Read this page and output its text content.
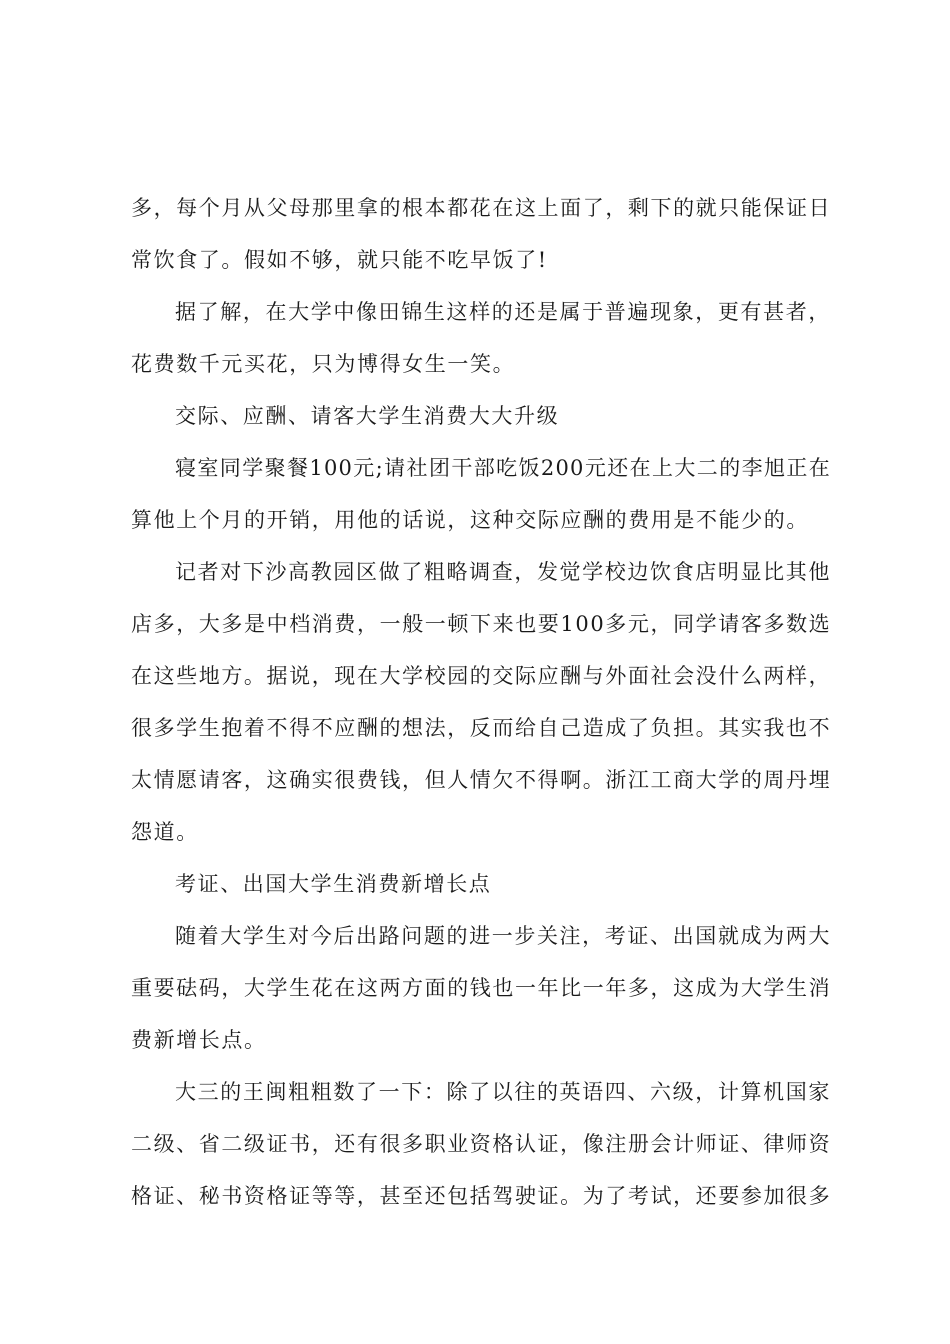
多，每个月从父母那里拿的根本都花在这上面了，剩下的就只能保证日
常饮食了。假如不够，就只能不吃早饭了!

据了解，在大学中像田锦生这样的还是属于普遍现象，更有甚者，
花费数千元买花，只为博得女生一笑。

交际、应酬、请客大学生消费大大升级

寝室同学聚餐100元;请社团干部吃饭200元还在上大二的李旭正在
算他上个月的开销，用他的话说，这种交际应酬的费用是不能少的。

记者对下沙高教园区做了粗略调查，发觉学校边饮食店明显比其他
店多，大多是中档消费，一般一顿下来也要100多元，同学请客多数选
在这些地方。据说，现在大学校园的交际应酬与外面社会没什么两样，
很多学生抱着不得不应酬的想法，反而给自己造成了负担。其实我也不
太情愿请客，这确实很费钱，但人情欠不得啊。浙江工商大学的周丹埋
怨道。

考证、出国大学生消费新增长点

随着大学生对今后出路问题的进一步关注，考证、出国就成为两大
重要砝码，大学生花在这两方面的钱也一年比一年多，这成为大学生消
费新增长点。

大三的王闽粗粗数了一下：除了以往的英语四、六级，计算机国家
二级、省二级证书，还有很多职业资格认证，像注册会计师证、律师资
格证、秘书资格证等等，甚至还包括驾驶证。为了考试，还要参加很多
